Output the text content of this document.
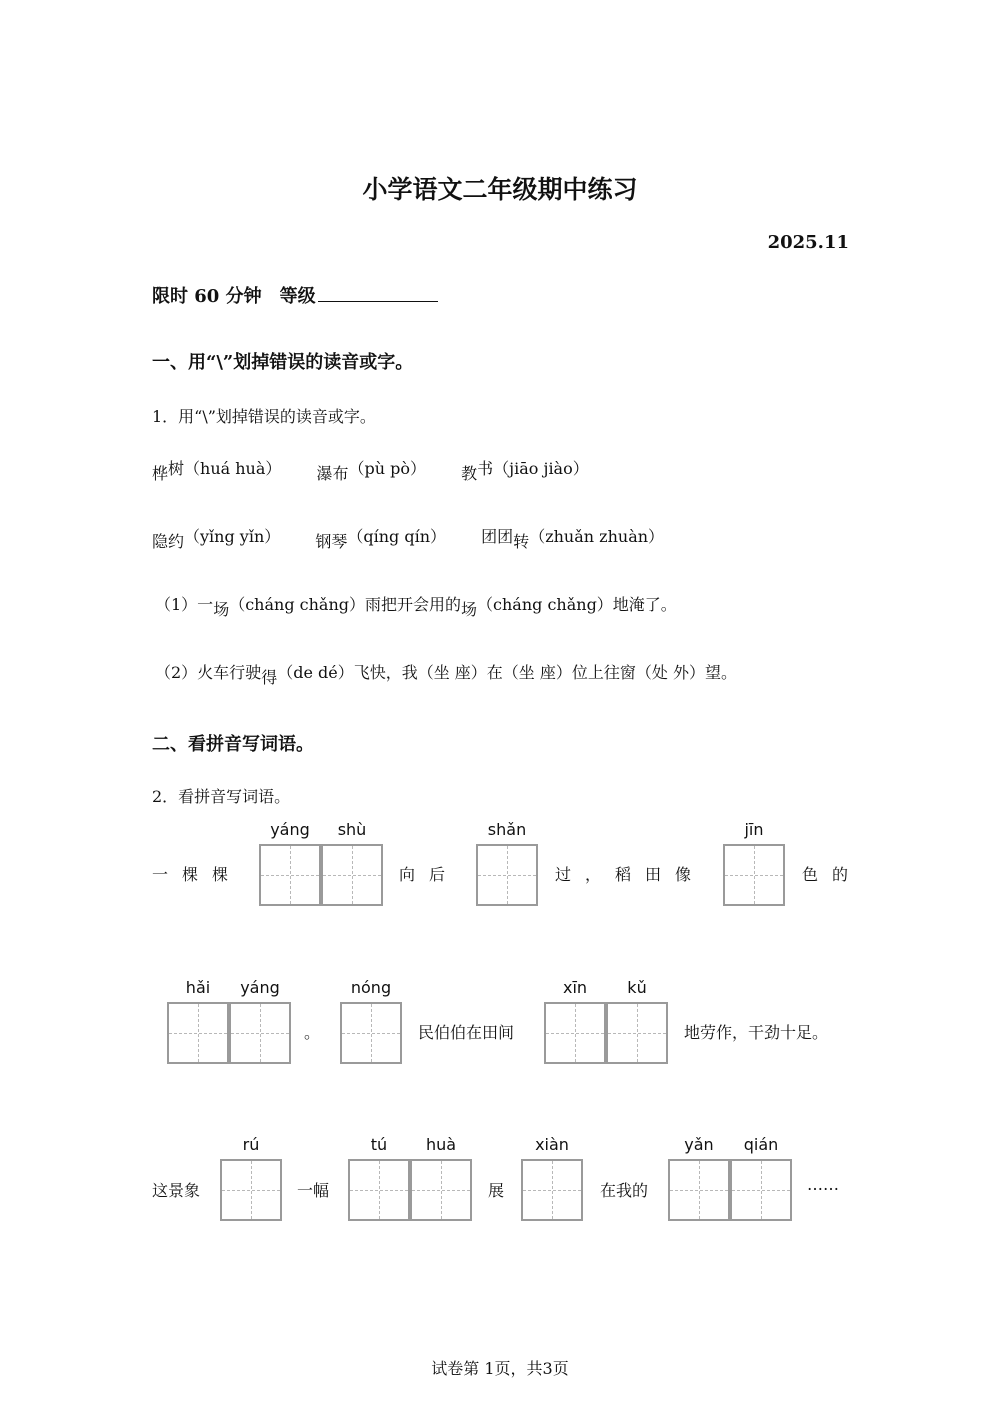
小学语文二年级期中练习
2025.11
限时 60 分钟　等级
一、用“\”划掉错误的读音或字。
1．用“\”划掉错误的读音或字。
桦树（huá huà） 瀑布（pù pò） 教书（jiāo jiào）
隐约（yǐng yǐn） 钢琴（qíng qín） 团团转（zhuǎn zhuàn）
（1）一场（cháng chǎng）雨把开会用的场（cháng chǎng）地淹了。
（2）火车行驶得（de dé）飞快，我（坐 座）在（坐 座）位上往窗（处 外）望。
二、看拼音写词语。
2．看拼音写词语。
一棵棵
yáng	shù
向后
shǎn
过，稻田像
jīn
色的
hǎi	yáng
。
nóng
民伯伯在田间
xīn	kǔ
地劳作，干劲十足。
这景象
rú
一幅
tú	huà
展
xiàn
在我的
yǎn	qián
……
试卷第 1页，共3页
